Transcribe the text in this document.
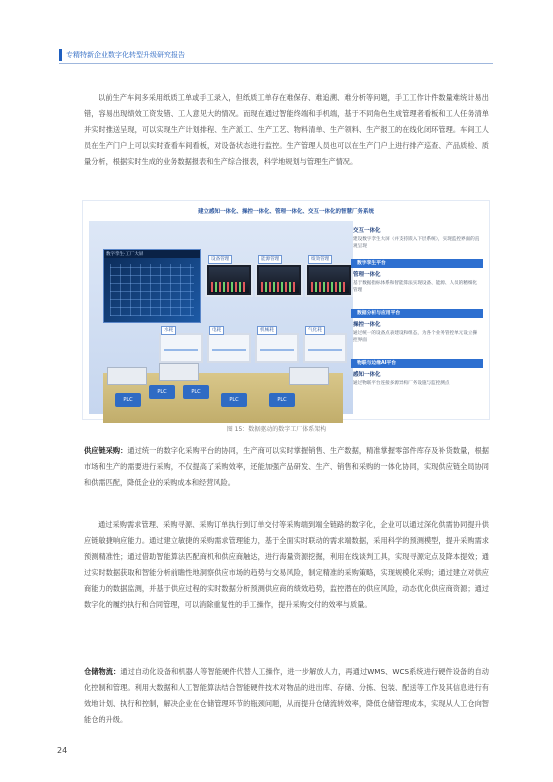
专精特新企业数字化转型升级研究报告

以前生产车间多采用纸质工单或手工录入，但纸质工单存在难保存、难追溯、难分析等问题，手工工作计件数量难统计易出错，容易出现绩效工资发错、工人意见大的情况。而现在通过智能终端和手机端，基于不同角色生成管理者看板和工人任务清单并实时推送呈现，可以实现生产计划排程、生产派工、生产工艺、物料清单、生产领料、生产报工的在线化闭环管理。车间工人员在生产门户上可以实时查看车间看板，对设备状态进行监控。生产管理人员也可以在生产门户上进行排产巡查、产品质检、质量分析，根据实时生成的业务数据报表和生产综合报表，科学地规划与管理生产情况。

建立感知一体化、操控一体化、管理一体化、交互一体化的智慧厂务系统
数字孪生·工厂大屏
设备管理	能源管理	绩效管理
水耗	电耗	机械耗	气化耗
PLC
PLC	PLC
PLC	PLC
交互一体化
建设数字孪生大屏（并支持嵌入下层系统），实现监控界面的直观呈现
数字孪生平台
管理一体化
基于数据指标体系和智能算法实现设备、能源、人员的精细化管理
数据分析与应用平台
操控一体化
通过统一的设备点表建设和组态，为各个业务管控单元设立操控界面
物联与边缘AI平台
感知一体化
通过物联平台连接多源异构厂务设施与监控测点
图 15：数据驱动的数字工厂体系架构

供应链采购：通过统一的数字化采购平台的协同，生产商可以实时掌握销售、生产数据，精准掌握零部件库存及补货数量，根据市场和生产的需要进行采购，不仅提高了采购效率，还能加强产品研发、生产、销售和采购的一体化协同，实现供应链全局协同和供需匹配，降低企业的采购成本和经营风险。

通过采购需求管理、采购寻源、采购订单执行到订单交付等采购端到端全链路的数字化，企业可以通过深化供需协同提升供应链敏捷响应能力。通过建立敏捷的采购需求管理能力，基于全面实时联动的需求端数据，采用科学的预测模型，提升采购需求预测精准性；通过借助智能算法匹配商机和供应商触达，进行海量资源挖掘，利用在线谈判工具，实现寻源定点及降本提效；通过实时数据获取和智能分析前瞻性地洞察供应市场的趋势与交易风险，制定精准的采购策略，实现规模化采购；通过建立对供应商能力的数据监测，并基于供应过程的实时数据分析预测供应商的绩效趋势，监控潜在的供应风险，动态优化供应商资源；通过数字化的履约执行和合同管理，可以消除重复性的手工操作，提升采购交付的效率与质量。

仓储物流：通过自动化设备和机器人等智能硬件代替人工操作，进一步解放人力，再通过WMS、WCS系统进行硬件设备的自动化控制和管理。利用大数据和人工智能算法结合智能硬件技术对物品的进出库、存储、分拣、包装、配送等工作及其信息进行有效地计划、执行和控制，解决企业在仓储管理环节的瓶颈问题，从而提升仓储流转效率，降低仓储管理成本，实现从人工仓向智能仓的升级。

24
